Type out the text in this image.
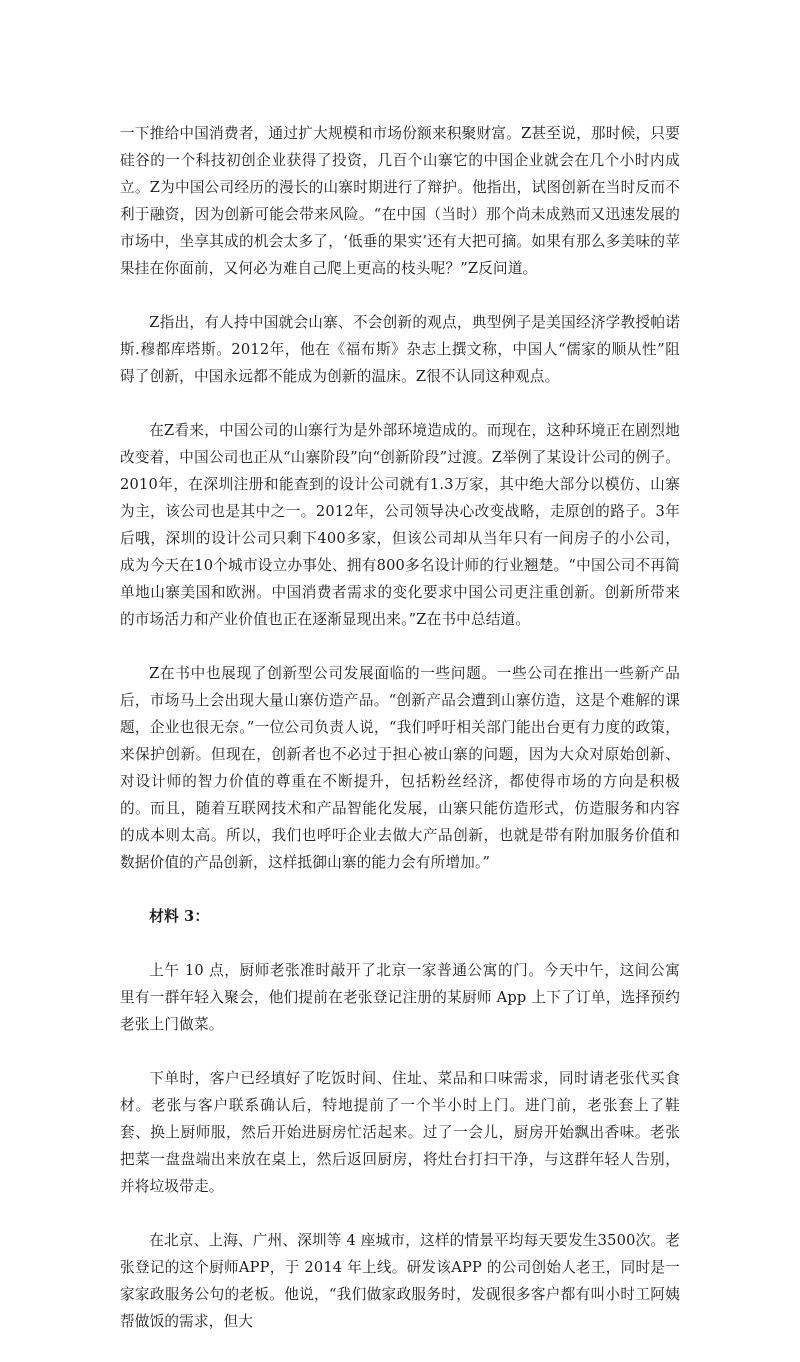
一下推给中国消费者，通过扩大规模和市场份额来积聚财富。Z甚至说，那时候，只要硅谷的一个科技初创企业获得了投资，几百个山寨它的中国企业就会在几个小时内成立。Z为中国公司经历的漫长的山寨时期进行了辩护。他指出，试图创新在当时反而不利于融资，因为创新可能会带来风险。“在中国（当时）那个尚未成熟而又迅速发展的市场中，坐享其成的机会太多了，‘低垂的果实’还有大把可摘。如果有那么多美味的苹果挂在你面前，又何必为难自己爬上更高的枝头呢？”Z反问道。

Z指出，有人持中国就会山寨、不会创新的观点，典型例子是美国经济学教授帕诺斯.穆都库塔斯。2012年，他在《福布斯》杂志上撰文称，中国人“儒家的顺从性”阻碍了创新，中国永远都不能成为创新的温床。Z很不认同这种观点。

在Z看来，中国公司的山寨行为是外部环境造成的。而现在，这种环境正在剧烈地改变着，中国公司也正从“山寨阶段”向“创新阶段”过渡。Z举例了某设计公司的例子。2010年，在深圳注册和能查到的设计公司就有1.3万家，其中绝大部分以模仿、山寨为主，该公司也是其中之一。2012年，公司领导决心改变战略，走原创的路子。3年后哦，深圳的设计公司只剩下400多家，但该公司却从当年只有一间房子的小公司，成为今天在10个城市设立办事处、拥有800多名设计师的行业翘楚。“中国公司不再简单地山寨美国和欧洲。中国消费者需求的变化要求中国公司更注重创新。创新所带来的市场活力和产业价值也正在逐渐显现出来。”Z在书中总结道。

Z在书中也展现了创新型公司发展面临的一些问题。一些公司在推出一些新产品后，市场马上会出现大量山寨仿造产品。“创新产品会遭到山寨仿造，这是个难解的课题，企业也很无奈。”一位公司负责人说，“我们呼吁相关部门能出台更有力度的政策，来保护创新。但现在，创新者也不必过于担心被山寨的问题，因为大众对原始创新、对设计师的智力价值的尊重在不断提升，包括粉丝经济，都使得市场的方向是积极的。而且，随着互联网技术和产品智能化发展，山寨只能仿造形式，仿造服务和内容的成本则太高。所以，我们也呼吁企业去做大产品创新，也就是带有附加服务价值和数据价值的产品创新，这样抵御山寨的能力会有所增加。”

材料 3：

上午 10 点，厨师老张准时敲开了北京一家普通公寓的门。今天中午，这间公寓里有一群年轻入聚会，他们提前在老张登记注册的某厨师 App 上下了订单，选择预约老张上门做菜。

下单时，客户已经填好了吃饭时间、住址、菜品和口味需求，同时请老张代买食材。老张与客户联系确认后，特地提前了一个半小时上门。进门前，老张套上了鞋套、换上厨师服，然后开始进厨房忙活起来。过了一会儿，厨房开始飘出香味。老张把菜一盘盘端出来放在桌上，然后返回厨房，将灶台打扫干净，与这群年轻人告别，并将垃圾带走。

在北京、上海、广州、深圳等 4 座城市，这样的情景平均每天要发生3500次。老张登记的这个厨师APP，于 2014 年上线。研发该APP 的公司创始人老王，同时是一家家政服务公句的老板。他说，“我们做家政服务时，发砚很多客户都有叫小时工阿姨帮做饭的需求，但大
